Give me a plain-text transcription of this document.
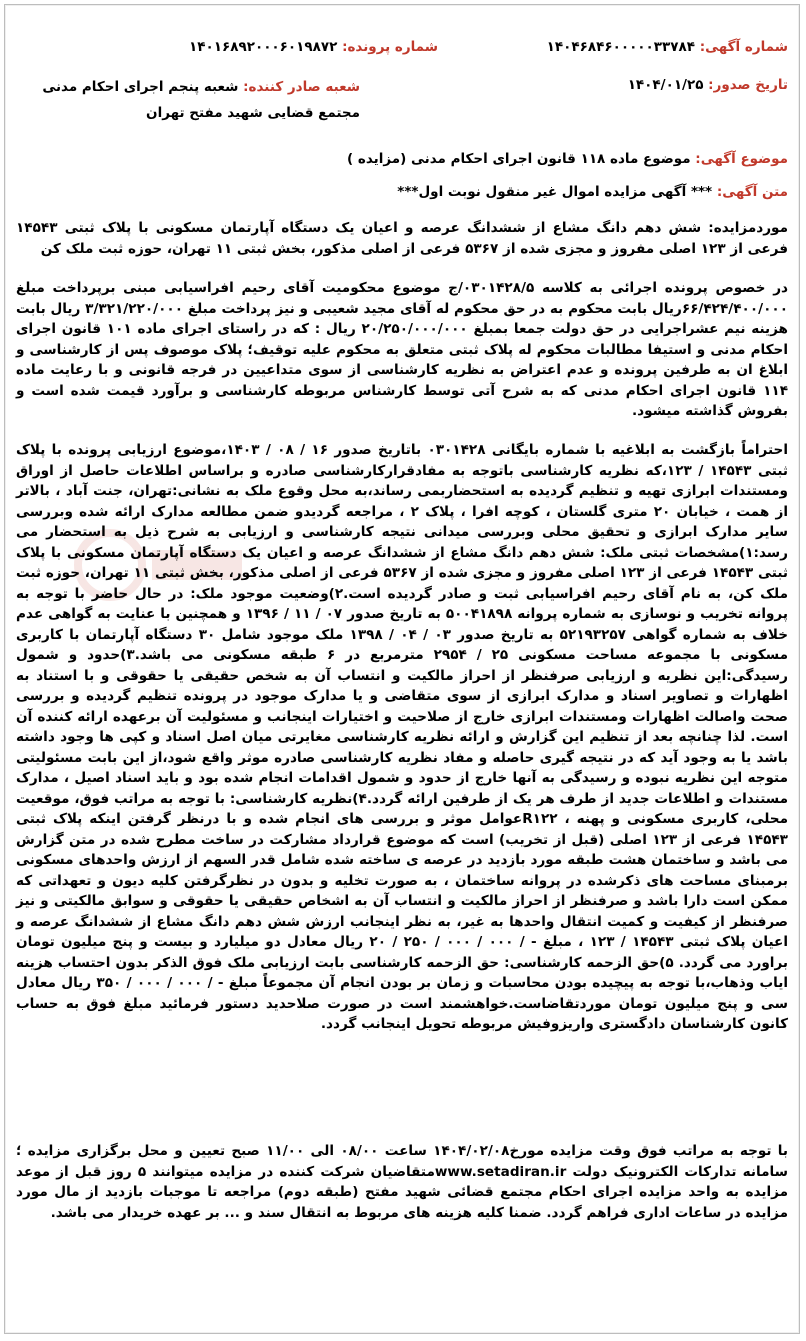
شماره آگهی: ۱۴۰۴۶۸۴۶۰۰۰۰۰۳۳۷۸۴
شماره پرونده: ۱۴۰۱۶۸۹۲۰۰۰۶۰۱۹۸۷۲
تاریخ صدور: ۱۴۰۴/۰۱/۲۵
شعبه صادر کننده: شعبه پنجم اجرای احکام مدنی مجتمع قضایی شهید مفتح تهران
موضوع آگهی: موضوع ماده ۱۱۸ قانون اجرای احکام مدنی (مزایده )
متن آگهی: *** آگهی مزایده اموال غیر منقول نوبت اول***
موردمزایده: شش دهم دانگ مشاع از ششدانگ عرصه و اعیان یک دستگاه آپارتمان مسکونی با پلاک ثبتی ۱۴۵۴۳ فرعی از ۱۲۳ اصلی مفروز و مجزی شده از ۵۳۶۷ فرعی از اصلی مذکور، بخش ثبتی ۱۱ تهران، حوزه ثبت ملک کن
در خصوص پرونده اجرائی به کلاسه ۰۳۰۱۴۲۸/۵/ج موضوع محکومیت آقای رحیم افراسیابی مبنی برپرداخت مبلغ ۶۶/۴۲۴/۴۰۰/۰۰۰ریال بابت محکوم به در حق محکوم له آقای مجید شعیبی و نیز پرداخت مبلغ ۳/۳۲۱/۲۲۰/۰۰۰ ریال بابت هزینه نیم عشراجرایی در حق دولت جمعا بمبلغ ۲۰/۲۵۰/۰۰۰/۰۰۰ ریال : که در راستای اجرای ماده ۱۰۱ قانون اجرای احکام مدنی و استیفا مطالبات محکوم له پلاک ثبتی متعلق به محکوم علیه توقیف؛ پلاک موصوف پس از کارشناسی و ابلاغ ان به طرفین پرونده و عدم اعتراض به نظریه کارشناسی از سوی متداعیین در فرجه قانونی و با رعایت ماده ۱۱۴ قانون اجرای احکام مدنی که به شرح آتی توسط کارشناس مربوطه کارشناسی و برآورد قیمت شده است و بفروش گذاشته میشود.
احتراماً بازگشت به ابلاغیه با شماره بایگانی ۰۳۰۱۴۲۸ باتاریخ صدور ۱۶ / ۰۸ / ۱۴۰۳،موضوع ارزیابی پرونده با پلاک ثبتی ۱۴۵۴۳ / ۱۲۳،که نظریه کارشناسی باتوجه به مفادقرارکارشناسی صادره و براساس اطلاعات حاصل از اوراق ومستندات ابرازی تهیه و تنظیم گردیده به استحضاربمی رساند،به محل وقوع ملک به نشانی:تهران، جنت آباد ، بالاتر از همت ، خیابان ۲۰ متری گلستان ، کوچه افرا ، پلاک ۲ ، مراجعه گردیدو ضمن مطالعه مدارک ارائه شده وبررسی سایر مدارک ابرازی و تحقیق محلی وبررسی میدانی نتیجه کارشناسی و ارزیابی به شرح ذیل به استحضار می رسد:۱)مشخصات ثبتی ملک: شش دهم دانگ مشاع از ششدانگ عرصه و اعیان یک دستگاه آپارتمان مسکونی با پلاک ثبتی ۱۴۵۴۳ فرعی از ۱۲۳ اصلی مفروز و مجزی شده از ۵۳۶۷ فرعی از اصلی مذکور، بخش ثبتی ۱۱ تهران، حوزه ثبت ملک کن، به نام آقای رحیم افراسیابی ثبت و صادر گردیده است.۲)وضعیت موجود ملک: در حال حاضر با توجه به پروانه تخریب و نوسازی به شماره پروانه ۵۰۰۴۱۸۹۸ به تاریخ صدور ۰۷ / ۱۱ / ۱۳۹۶ و همچنین با عنایت به گواهی عدم خلاف به شماره گواهی ۵۲۱۹۳۲۵۷ به تاریخ صدور ۰۳ / ۰۴ / ۱۳۹۸ ملک موجود شامل ۳۰ دستگاه آپارتمان با کاربری مسکونی با مجموعه مساحت مسکونی ۲۵ / ۲۹۵۴ مترمربع در ۶ طبقه مسکونی می باشد.۳)حدود و شمول رسیدگی:این نظریه و ارزیابی صرفنظر از احراز مالکیت و انتساب آن به شخص حقیقی یا حقوقی و با استناد به اظهارات و تصاویر اسناد و مدارک ابرازی از سوی متقاضی و یا مدارک موجود در پرونده تنظیم گردیده و بررسی صحت واصالت اظهارات ومستندات ابرازی خارج از صلاحیت و اختیارات اینجانب و مسئولیت آن برعهده ارائه کننده آن است. لذا چنانچه بعد از تنظیم این گزارش و ارائه نظریه کارشناسی مغایرتی میان اصل اسناد و کپی ها وجود داشته باشد یا به وجود آید که در نتیجه گیری حاصله و مفاد نظریه کارشناسی صادره موثر واقع شود،از این بابت مسئولیتی متوجه این نظریه نبوده و رسیدگی به آنها خارج از حدود و شمول اقدامات انجام شده بود و باید اسناد اصیل ، مدارک مستندات و اطلاعات جدید از طرف هر یک از طرفین ارائه گردد.۴)نظریه کارشناسی: با توجه به مراتب فوق، موقعیت محلی، کاربری مسکونی و پهنه ، R۱۲۲عوامل موثر و بررسی های انجام شده و با درنظر گرفتن اینکه پلاک ثبتی ۱۴۵۴۳ فرعی از ۱۲۳ اصلی (قبل از تخریب) است که موضوع قرارداد مشارکت در ساخت مطرح شده در متن گزارش می باشد و ساختمان هشت طبقه مورد بازدید در عرصه ی ساخته شده شامل قدر السهم از ارزش واحدهای مسکونی برمبنای مساحت های ذکرشده در پروانه ساختمان ، به صورت تخلیه و بدون در نظرگرفتن کلیه دیون و تعهداتی که ممکن است دارا باشد و صرفنظر از احراز مالکیت و انتساب آن به اشخاص حقیقی یا حقوقی و سوابق مالکیتی و نیز صرفنظر از کیفیت و کمیت انتقال واحدها به غیر، به نظر اینجانب ارزش شش دهم دانگ مشاع از ششدانگ عرصه و اعیان پلاک ثبتی ۱۴۵۴۳ / ۱۲۳ ، مبلغ - / ۰۰۰ / ۰۰۰ / ۲۵۰ / ۲۰ ریال معادل دو میلیارد و بیست و پنج میلیون تومان براورد می گردد. ۵)حق الزحمه کارشناسی: حق الزحمه کارشناسی بابت ارزیابی ملک فوق الذکر بدون احتساب هزینه ایاب وذهاب،با توجه به پیچیده بودن محاسبات و زمان بر بودن انجام آن مجموعاً مبلغ - / ۰۰۰ / ۰۰۰ / ۳۵۰ ریال معادل سی و پنج میلیون تومان موردتقاضاست.خواهشمند است در صورت صلاحدید دستور فرمائید مبلغ فوق به حساب کانون کارشناسان دادگستری واریزوفیش مربوطه تحویل اینجانب گردد.
با توجه به مراتب فوق وقت مزایده مورخ۱۴۰۴/۰۲/۰۸ ساعت ۰۸/۰۰ الی ۱۱/۰۰ صبح تعیین و محل برگزاری مزایده ؛سامانه تدارکات الکترونیک دولت www.setadiran.irمتقاضیان شرکت کننده در مزایده میتوانند ۵ روز قبل از موعد مزایده به واحد مزایده اجرای احکام مجتمع قضائی شهید مفتح (طبقه دوم) مراجعه تا موجبات بازدید از مال مورد مزایده در ساعات اداری فراهم گردد. ضمنا کلیه هزینه های مربوط به انتقال سند و ... بر عهده خریدار می باشد.
